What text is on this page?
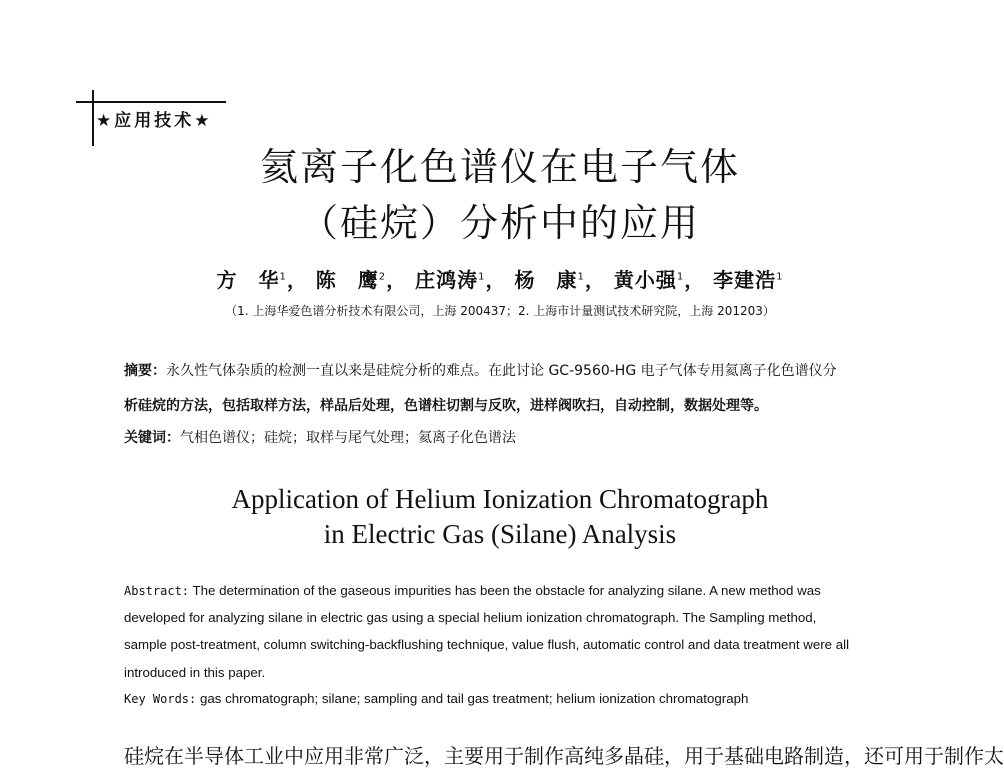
★应用技术★
氦离子化色谱仪在电子气体
（硅烷）分析中的应用
方　华$^1$， 陈　鹰$^2$， 庄鸿涛$^1$， 杨　康$^1$， 黄小强$^1$， 李建浩$^1$
（1. 上海华爱色谱分析技术有限公司，上海 200437；2. 上海市计量测试技术研究院，上海 201203）
摘要：永久性气体杂质的检测一直以来是硅烷分析的难点。在此讨论 GC-9560-HG 电子气体专用氦离子化色谱仪分
析硅烷的方法，包括取样方法，样品后处理，色谱柱切割与反吹，进样阀吹扫，自动控制，数据处理等。
关键词：气相色谱仪；硅烷；取样与尾气处理；氦离子化色谱法
Application of Helium Ionization Chromatograph
in Electric Gas (Silane) Analysis
Abstract: The determination of the gaseous impurities has been the obstacle for analyzing silane. A new method was
developed for analyzing silane in electric gas using a special helium ionization chromatograph. The Sampling method,
sample post-treatment, column switching-backflushing technique, value flush, automatic control and data treatment were all
introduced in this paper.
Key Words: gas chromatograph; silane; sampling and tail gas treatment; helium ionization chromatograph
硅烷在半导体工业中应用非常广泛，主要用于制作高纯多晶硅，用于基础电路制造，还可用于制作太
